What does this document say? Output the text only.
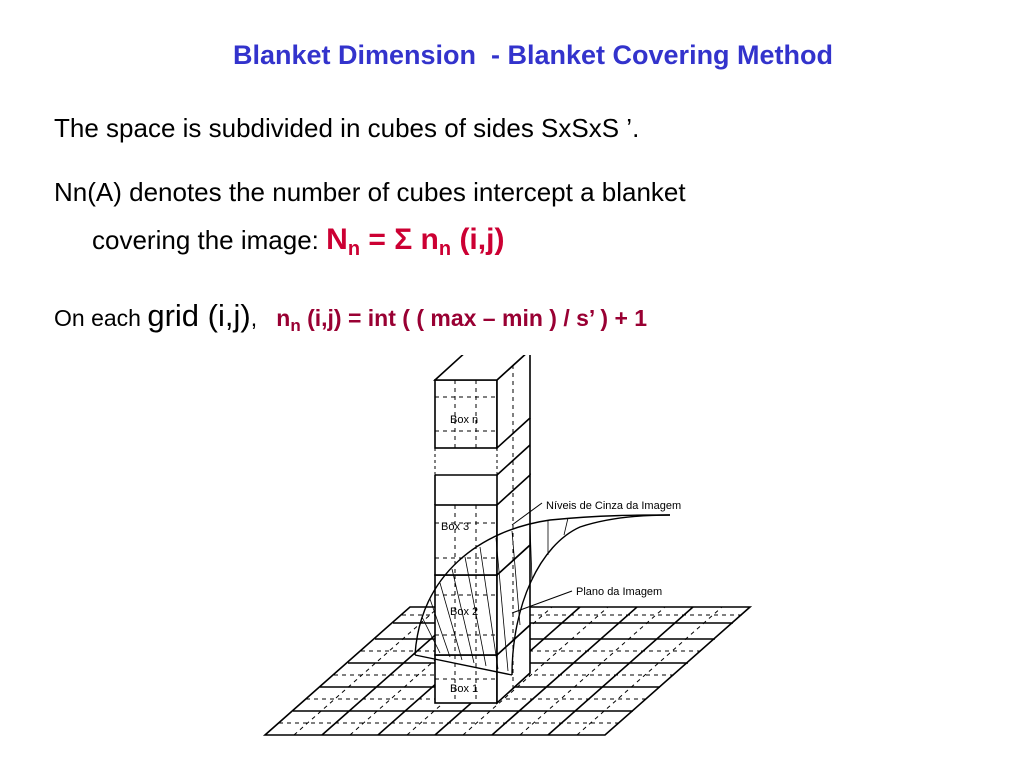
Blanket Dimension  - Blanket Covering Method
The space is subdivided in cubes of sides SxSxS ’.
Nn(A) denotes the number of cubes intercept a blanket
covering the image: $N_n = \Sigma$ $n_n$ (i,j)
On each grid (i,j), $n_n$ (i,j) = int ( ( max – min ) / s’ ) + 1
Box n
Box 3
Box 2
Box 1
Níveis de Cinza da Imagem
Plano da Imagem
